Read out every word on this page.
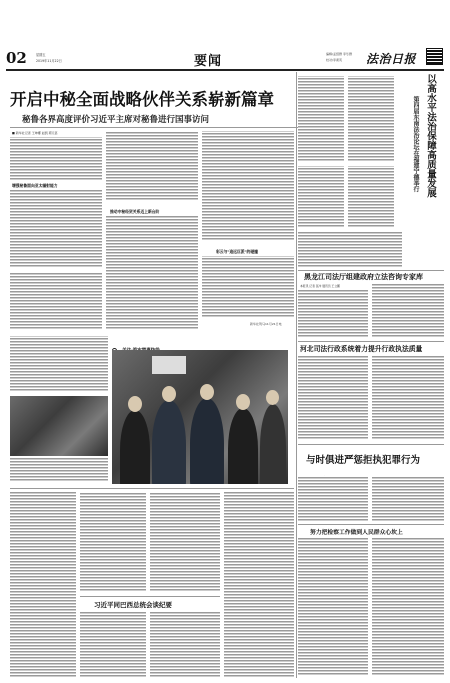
02	星期五
2019年11月22日	要闻	编辑/孟绍群 李乐群
校对/李素英 法治日报
开启中秘全面战略伙伴关系崭新篇章
秘鲁各界高度评价习近平主席对秘鲁进行国事访问
■ 新华社记者 王坤娜 赵凯 郭元甚
增强秘鲁面向亚太辐射能力
推动中秘经贸关系迈上新台阶
彩云与"追远巨派"的碰撞
新华社利马11月21日电
以高水平法治保障高质量发展
第四届东南法治论坛在福建宁德举行
黑龙江司法厅组建政府立法咨询专家库
本报讯 记者 张冲 通讯员 王立鹏
河北司法行政系统着力提升行政执法质量
与时俱进严惩拒执犯罪行为
努力把检察工作做到人民群众心坎上
习近平同巴西总统会谈纪要
